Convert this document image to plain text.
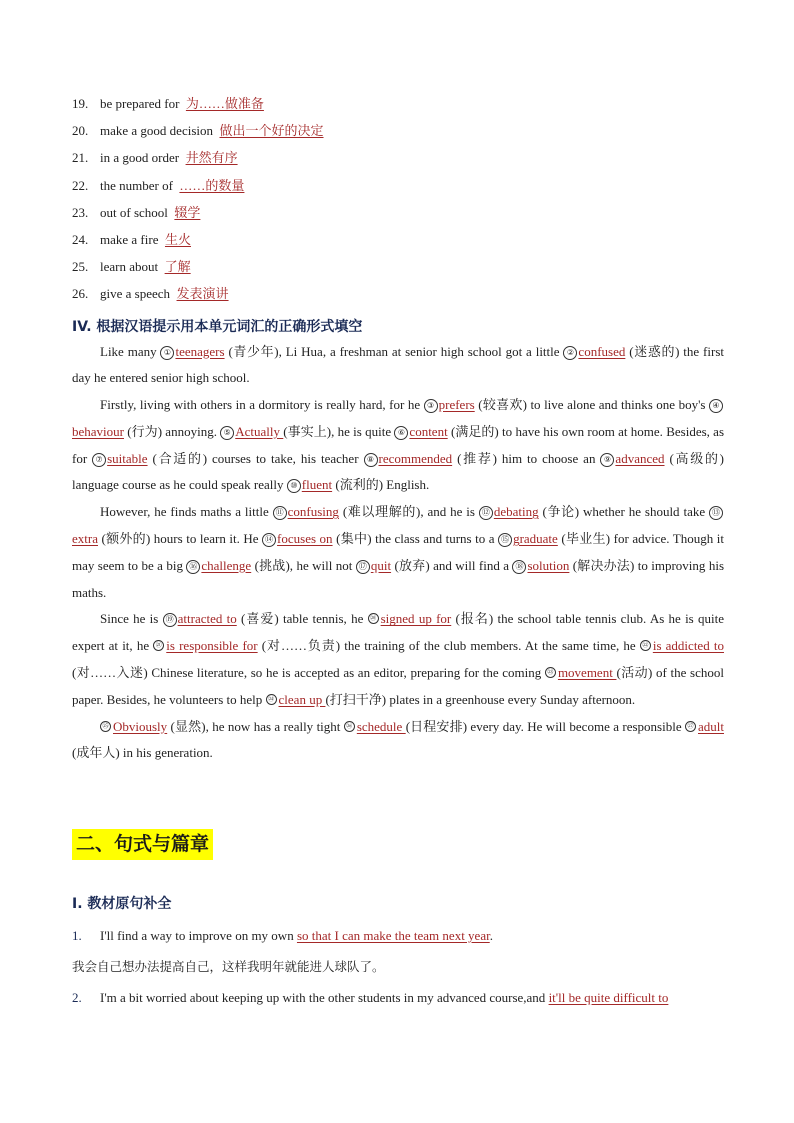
19. be prepared for 为……做准备
20. make a good decision 做出一个好的决定
21. in a good order 井然有序
22. the number of ……的数量
23. out of school 辍学
24. make a fire 生火
25. learn about 了解
26. give a speech 发表演讲
IV. 根据汉语提示用本单元词汇的正确形式填空

Like many ① teenagers (青少年), Li Hua, a freshman at senior high school got a little ② confused (迷惑的) the first day he entered senior high school.

Firstly, living with others in a dormitory is really hard, for he ③ prefers (较喜欢) to live alone and thinks one boy's ④behaviour (行为) annoying. ⑤ Actually (事实上), he is quite ⑥ content (满足的) to have his own room at home. Besides, as for ⑦ suitable (合适的) courses to take, his teacher ⑧ recommended (推荐) him to choose an ⑨ advanced (高级的) language course as he could speak really ⑩ fluent (流利的) English.

However, he finds maths a little ⑪ confusing (难以理解的), and he is ⑫ debating (争论) whether he should take ⑬extra (额外的) hours to learn it. He ⑭ focuses on (集中) the class and turns to a ⑮ graduate (毕业生) for advice. Though it may seem to be a big ⑯ challenge (挑战), he will not ⑰ quit (放弃) and will find a ⑱ solution (解决办法) to improving his maths.

Since he is ⑲ attracted to (喜爱) table tennis, he ⑳ signed up for (报名) the school table tennis club. As he is quite expert at it, he ㉑ is responsible for (对……负责) the training of the club members. At the same time, he ㉒ is addicted to (对……入迷) Chinese literature, so he is accepted as an editor, preparing for the coming ㉓ movement (活动) of the school paper. Besides, he volunteers to help ㉔ clean up (打扫干净) plates in a greenhouse every Sunday afternoon.

㉕ Obviously (显然), he now has a really tight ㉖ schedule (日程安排) every day. He will become a responsible ㉗ adult (成年人) in his generation.

二、句式与篇章
I. 教材原句补全
1. I'll find a way to improve on my own so that I can make the team next year.
我会自己想办法提高自己，这样我明年就能进人球队了。
2. I'm a bit worried about keeping up with the other students in my advanced course,and it'll be quite difficult to
